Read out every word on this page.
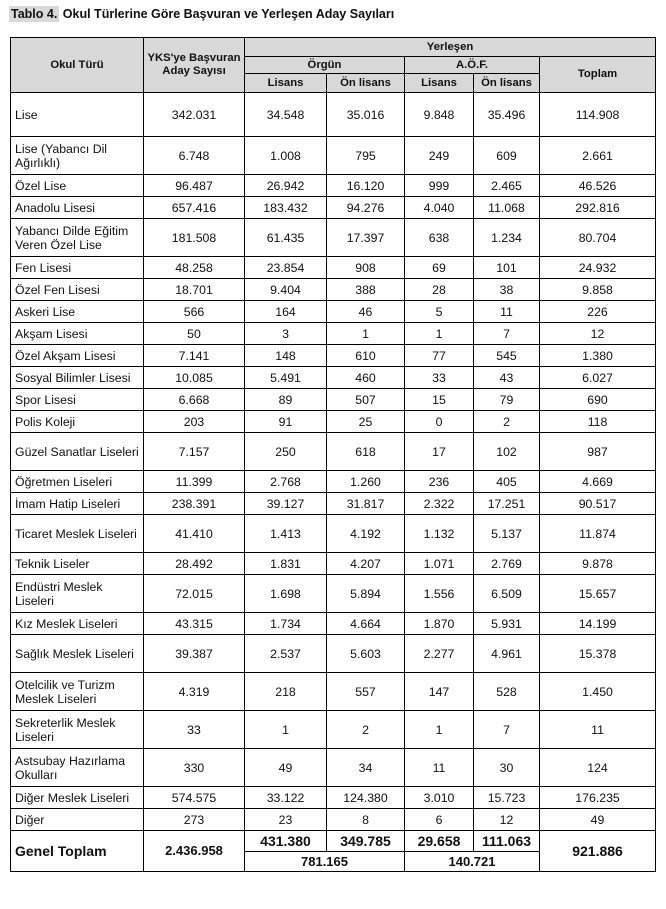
Tablo 4. Okul Türlerine Göre Başvuran ve Yerleşen Aday Sayıları
Okul Türü	YKS'ye Başvuran Aday Sayısı	Yerleşen				
		Örgün		A.Ö.F.		Toplam
		Lisans	Ön lisans	Lisans	Ön lisans	
Lise	342.031	34.548	35.016	9.848	35.496	114.908
Lise (Yabancı Dil Ağırlıklı)	6.748	1.008	795	249	609	2.661
Özel Lise	96.487	26.942	16.120	999	2.465	46.526
Anadolu Lisesi	657.416	183.432	94.276	4.040	11.068	292.816
Yabancı Dilde Eğitim Veren Özel Lise	181.508	61.435	17.397	638	1.234	80.704
Fen Lisesi	48.258	23.854	908	69	101	24.932
Özel Fen Lisesi	18.701	9.404	388	28	38	9.858
Askeri Lise	566	164	46	5	11	226
Akşam Lisesi	50	3	1	1	7	12
Özel Akşam Lisesi	7.141	148	610	77	545	1.380
Sosyal Bilimler Lisesi	10.085	5.491	460	33	43	6.027
Spor Lisesi	6.668	89	507	15	79	690
Polis Koleji	203	91	25	0	2	118
Güzel Sanatlar Liseleri	7.157	250	618	17	102	987
Öğretmen Liseleri	11.399	2.768	1.260	236	405	4.669
İmam Hatip Liseleri	238.391	39.127	31.817	2.322	17.251	90.517
Ticaret Meslek Liseleri	41.410	1.413	4.192	1.132	5.137	11.874
Teknik Liseler	28.492	1.831	4.207	1.071	2.769	9.878
Endüstri Meslek Liseleri	72.015	1.698	5.894	1.556	6.509	15.657
Kız Meslek Liseleri	43.315	1.734	4.664	1.870	5.931	14.199
Sağlık Meslek Liseleri	39.387	2.537	5.603	2.277	4.961	15.378
Otelcilik ve Turizm Meslek Liseleri	4.319	218	557	147	528	1.450
Sekreterlik Meslek Liseleri	33	1	2	1	7	11
Astsubay Hazırlama Okulları	330	49	34	11	30	124
Diğer Meslek Liseleri	574.575	33.122	124.380	3.010	15.723	176.235
Diğer	273	23	8	6	12	49
Genel Toplam	2.436.958	431.380	349.785	29.658	111.063	921.886
		781.165		140.721		
